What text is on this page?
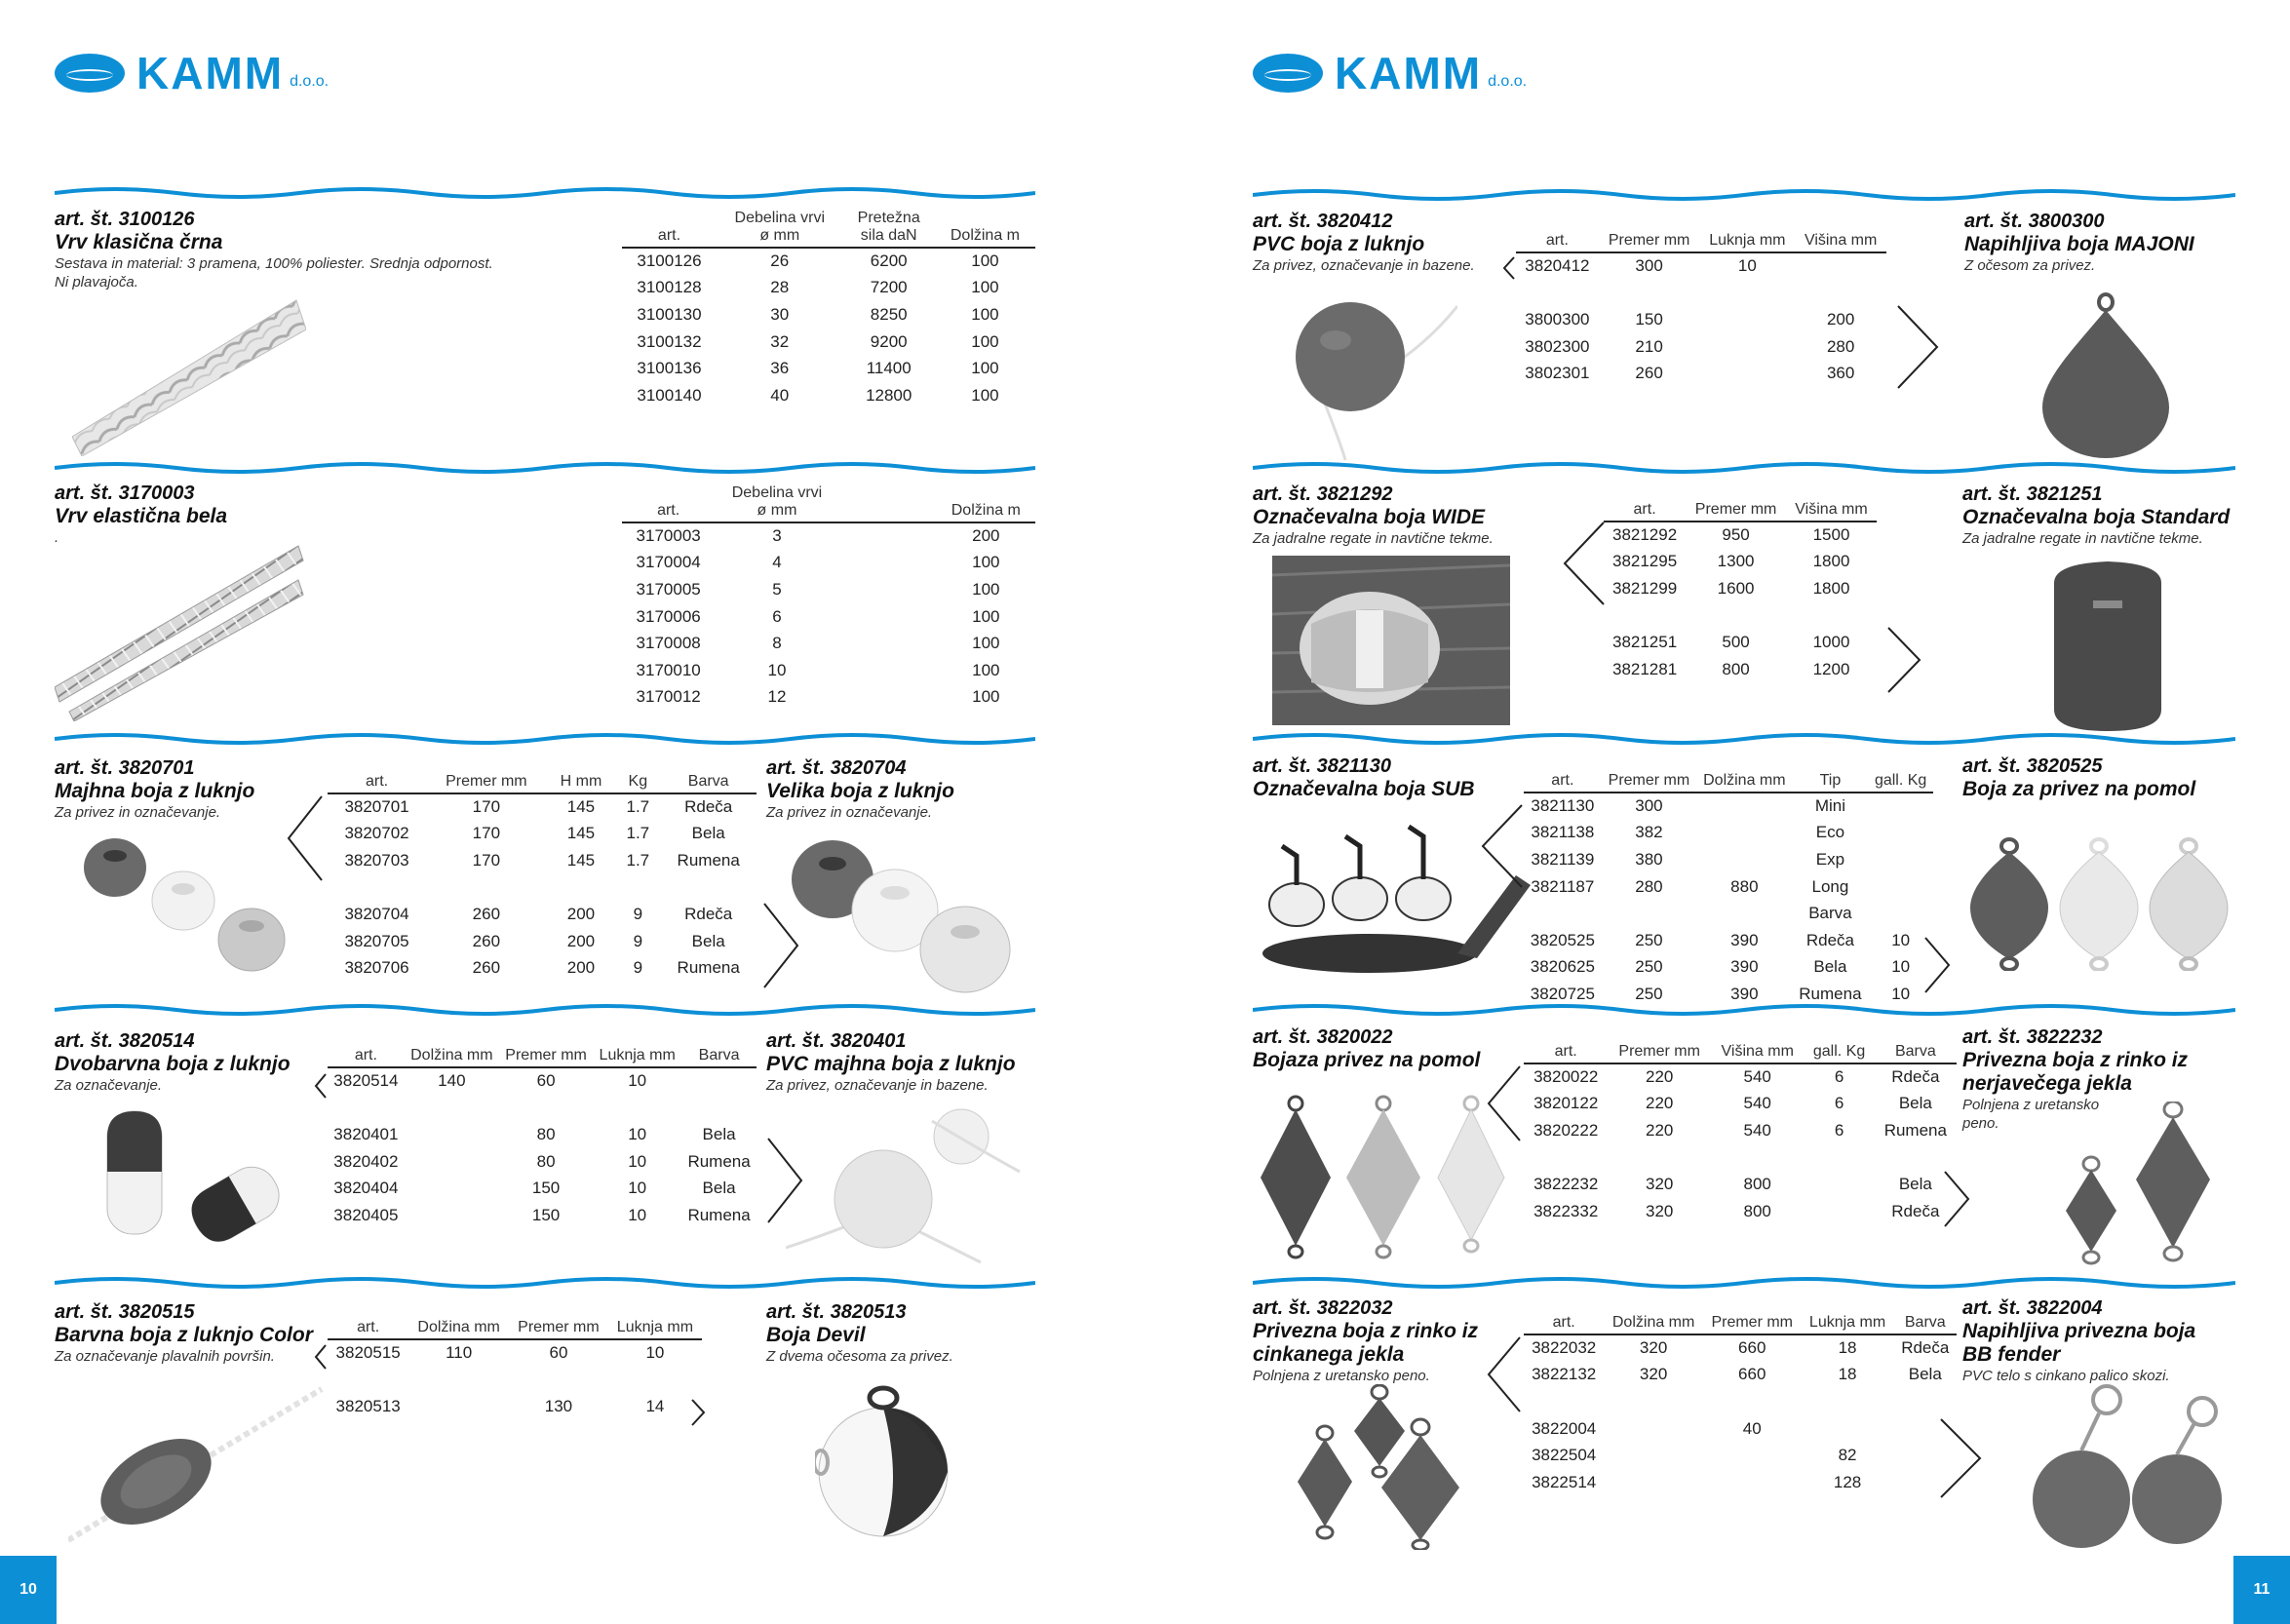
KAMM d.o.o.
art. št. 3100126
Vrv klasična črna
Sestava in material: 3 pramena, 100% poliester. Srednja odpornost.
Ni plavajoča.
art.	Debelina vrvi
ø mm	Pretežna
sila daN	Dolžina m
3100126	26	6200	100
3100128	28	7200	100
3100130	30	8250	100
3100132	32	9200	100
3100136	36	11400	100
3100140	40	12800	100
art. št. 3170003
Vrv elastična bela
.
art.	Debelina vrvi
ø mm		Dolžina m
3170003	3		200
3170004	4		100
3170005	5		100
3170006	6		100
3170008	8		100
3170010	10		100
3170012	12		100
art. št. 3820701
Majhna boja z luknjo
Za privez in označevanje.
art.	Premer mm	H mm	Kg	Barva
3820701	170	145	1.7	Rdeča
3820702	170	145	1.7	Bela
3820703	170	145	1.7	Rumena

3820704	260	200	9	Rdeča
3820705	260	200	9	Bela
3820706	260	200	9	Rumena
art. št. 3820704
Velika boja z luknjo
Za privez in označevanje.
art. št. 3820514
Dvobarvna boja z luknjo
Za označevanje.
art.	Dolžina mm	Premer mm	Luknja mm	Barva
3820514	140	60	10	

3820401		80	10	Bela
3820402		80	10	Rumena
3820404		150	10	Bela
3820405		150	10	Rumena
art. št. 3820401
PVC majhna boja z luknjo
Za privez, označevanje in bazene.
art. št. 3820515
Barvna boja z luknjo Color
Za označevanje plavalnih površin.
art.	Dolžina mm	Premer mm	Luknja mm
3820515	110	60	10

3820513		130	14
art. št. 3820513
Boja Devil
Z dvema očesoma za privez.
10
KAMM d.o.o.
art. št. 3820412
PVC boja z luknjo
Za privez, označevanje in bazene.
art.	Premer mm	Luknja mm	Višina mm
3820412	300	10	

3800300	150		200
3802300	210		280
3802301	260		360
art. št. 3800300
Napihljiva boja MAJONI
Z očesom za privez.
art. št. 3821292
Označevalna boja WIDE
Za jadralne regate in navtične tekme.
art.	Premer mm	Višina mm
3821292	950	1500
3821295	1300	1800
3821299	1600	1800

3821251	500	1000
3821281	800	1200
art. št. 3821251
Označevalna boja Standard
Za jadralne regate in navtične tekme.
art. št. 3821130
Označevalna boja SUB	art.	Premer mm	Dolžina mm	Tip	gall. Kg
3821130	300		Mini	
3821138	382		Eco	
3821139	380		Exp	
3821187	280	880	Long	
			Barva	
3820525	250	390	Rdeča	10
3820625	250	390	Bela	10
3820725	250	390	Rumena	10
art. št. 3820525
Boja za privez na pomol
art. št. 3820022
Bojaza privez na pomol	art.	Premer mm	Višina mm	gall. Kg	Barva
3820022	220	540	6	Rdeča
3820122	220	540	6	Bela
3820222	220	540	6	Rumena

3822232	320	800		Bela
3822332	320	800		Rdeča
art. št. 3822232
Privezna boja z rinko iz
nerjavečega jekla
Polnjena z uretansko
peno.
art. št. 3822032
Privezna boja z rinko iz
cinkanega jekla
Polnjena z uretansko peno.
art.	Dolžina mm	Premer mm	Luknja mm	Barva
3822032	320	660	18	Rdeča
3822132	320	660	18	Bela

3822004		40		
3822504			82	
3822514			128	
art. št. 3822004
Napihljiva privezna boja
BB fender
PVC telo s cinkano palico skozi.
11
